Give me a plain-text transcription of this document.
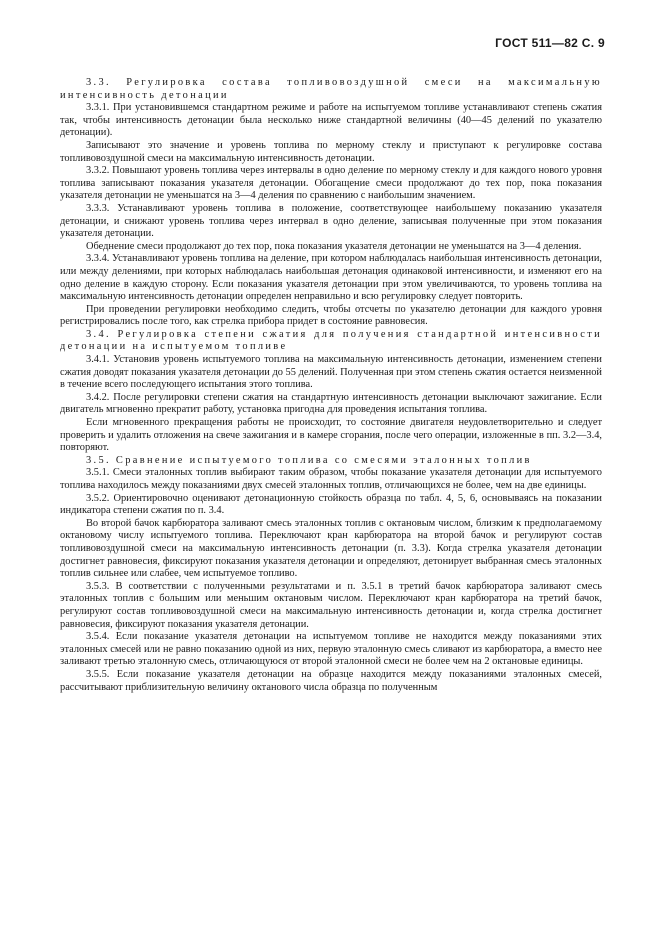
ГОСТ 511—82 С. 9

3.3. Регулировка состава топливовоздушной смеси на максимальную интенсивность детонации

3.3.1. При установившемся стандартном режиме и работе на испытуемом топливе устанавливают степень сжатия так, чтобы интенсивность детонации была несколько ниже стандартной величины (40—45 делений по указателю детонации).

Записывают это значение и уровень топлива по мерному стеклу и приступают к регулировке состава топливовоздушной смеси на максимальную интенсивность детонации.

3.3.2. Повышают уровень топлива через интервалы в одно деление по мерному стеклу и для каждого нового уровня топлива записывают показания указателя детонации. Обогащение смеси продолжают до тех пор, пока показания указателя детонации не уменьшатся на 3—4 деления по сравнению с наибольшим значением.

3.3.3. Устанавливают уровень топлива в положение, соответствующее наибольшему показанию указателя детонации, и снижают уровень топлива через интервал в одно деление, записывая полученные при этом показания указателя детонации.

Обеднение смеси продолжают до тех пор, пока показания указателя детонации не уменьшатся на 3—4 деления.

3.3.4. Устанавливают уровень топлива на деление, при котором наблюдалась наибольшая интенсивность детонации, или между делениями, при которых наблюдалась наибольшая детонация одинаковой интенсивности, и изменяют его на одно деление в каждую сторону. Если показания указателя детонации при этом увеличиваются, то уровень топлива на максимальную интенсивность детонации определен неправильно и всю регулировку следует повторить.

При проведении регулировки необходимо следить, чтобы отсчеты по указателю детонации для каждого уровня регистрировались после того, как стрелка прибора придет в состояние равновесия.

3.4. Регулировка степени сжатия для получения стандартной интенсивности детонации на испытуемом топливе

3.4.1. Установив уровень испытуемого топлива на максимальную интенсивность детонации, изменением степени сжатия доводят показания указателя детонации до 55 делений. Полученная при этом степень сжатия остается неизменной в течение всего последующего испытания этого топлива.

3.4.2. После регулировки степени сжатия на стандартную интенсивность детонации выключают зажигание. Если двигатель мгновенно прекратит работу, установка пригодна для проведения испытания топлива.

Если мгновенного прекращения работы не происходит, то состояние двигателя неудовлетворительно и следует проверить и удалить отложения на свече зажигания и в камере сгорания, после чего операции, изложенные в пп. 3.2—3.4, повторяют.

3.5. Сравнение испытуемого топлива со смесями эталонных топлив

3.5.1. Смеси эталонных топлив выбирают таким образом, чтобы показание указателя детонации для испытуемого топлива находилось между показаниями двух смесей эталонных топлив, отличающихся не более, чем на две единицы.

3.5.2. Ориентировочно оценивают детонационную стойкость образца по табл. 4, 5, 6, основываясь на показании индикатора степени сжатия по п. 3.4.

Во второй бачок карбюратора заливают смесь эталонных топлив с октановым числом, близким к предполагаемому октановому числу испытуемого топлива. Переключают кран карбюратора на второй бачок и регулируют состав топливовоздушной смеси на максимальную интенсивность детонации (п. 3.3). Когда стрелка указателя детонации достигнет равновесия, фиксируют показания указателя детонации и определяют, детонирует выбранная смесь эталонных топлив сильнее или слабее, чем испытуемое топливо.

3.5.3. В соответствии с полученными результатами и п. 3.5.1 в третий бачок карбюратора заливают смесь эталонных топлив с большим или меньшим октановым числом. Переключают кран карбюратора на третий бачок, регулируют состав топливовоздушной смеси на максимальную интенсивность детонации и, когда стрелка достигнет равновесия, фиксируют показания указателя детонации.

3.5.4. Если показание указателя детонации на испытуемом топливе не находится между показаниями этих эталонных смесей или не равно показанию одной из них, первую эталонную смесь сливают из карбюратора, а вместо нее заливают третью эталонную смесь, отличающуюся от второй эталонной смеси не более чем на 2 октановые единицы.

3.5.5. Если показание указателя детонации на образце находится между показаниями эталонных смесей, рассчитывают приблизительную величину октанового числа образца по полученным
